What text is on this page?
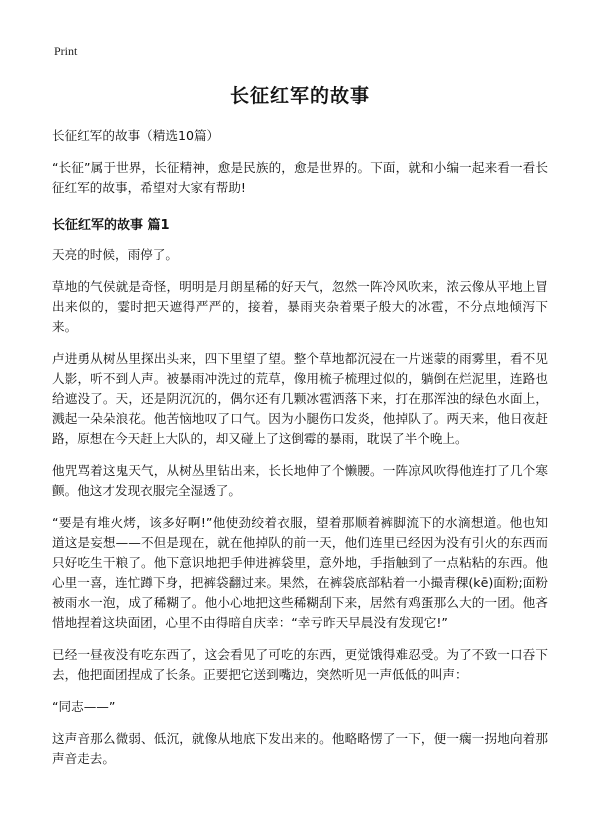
Print
长征红军的故事

长征红军的故事（精选10篇）

“长征”属于世界，长征精神，愈是民族的，愈是世界的。下面，就和小编一起来看一看长征红军的故事，希望对大家有帮助!

长征红军的故事 篇1

天亮的时候，雨停了。

草地的气侯就是奇怪，明明是月朗星稀的好天气，忽然一阵冷风吹来，浓云像从平地上冒出来似的，霎时把天遮得严严的，接着，暴雨夹杂着栗子般大的冰雹，不分点地倾泻下来。

卢进勇从树丛里探出头来，四下里望了望。整个草地都沉浸在一片迷蒙的雨雾里，看不见人影，听不到人声。被暴雨冲洗过的荒草，像用梳子梳理过似的，躺倒在烂泥里，连路也给遮没了。天，还是阴沉沉的，偶尔还有几颗冰雹洒落下来，打在那浑浊的绿色水面上，溅起一朵朵浪花。他苦恼地叹了口气。因为小腿伤口发炎，他掉队了。两天来，他日夜赶路，原想在今天赶上大队的，却又碰上了这倒霉的暴雨，耽误了半个晚上。

他咒骂着这鬼天气，从树丛里钻出来，长长地伸了个懒腰。一阵凉风吹得他连打了几个寒颤。他这才发现衣服完全湿透了。

“要是有堆火烤，该多好啊!”他使劲绞着衣服，望着那顺着裤脚流下的水滴想道。他也知道这是妄想——不但是现在，就在他掉队的前一天，他们连里已经因为没有引火的东西而只好吃生干粮了。他下意识地把手伸进裤袋里，意外地，手指触到了一点粘粘的东西。他心里一喜，连忙蹲下身，把裤袋翻过来。果然，在裤袋底部粘着一小撮青稞(kē)面粉;面粉被雨水一泡，成了稀糊了。他小心地把这些稀糊刮下来，居然有鸡蛋那么大的一团。他吝惜地捏着这块面团，心里不由得暗自庆幸：“幸亏昨天早晨没有发现它!”

已经一昼夜没有吃东西了，这会看见了可吃的东西，更觉饿得难忍受。为了不致一口吞下去，他把面团捏成了长条。正要把它送到嘴边，突然听见一声低低的叫声：

“同志——”

这声音那么微弱、低沉，就像从地底下发出来的。他略略愣了一下，便一瘸一拐地向着那声音走去。
